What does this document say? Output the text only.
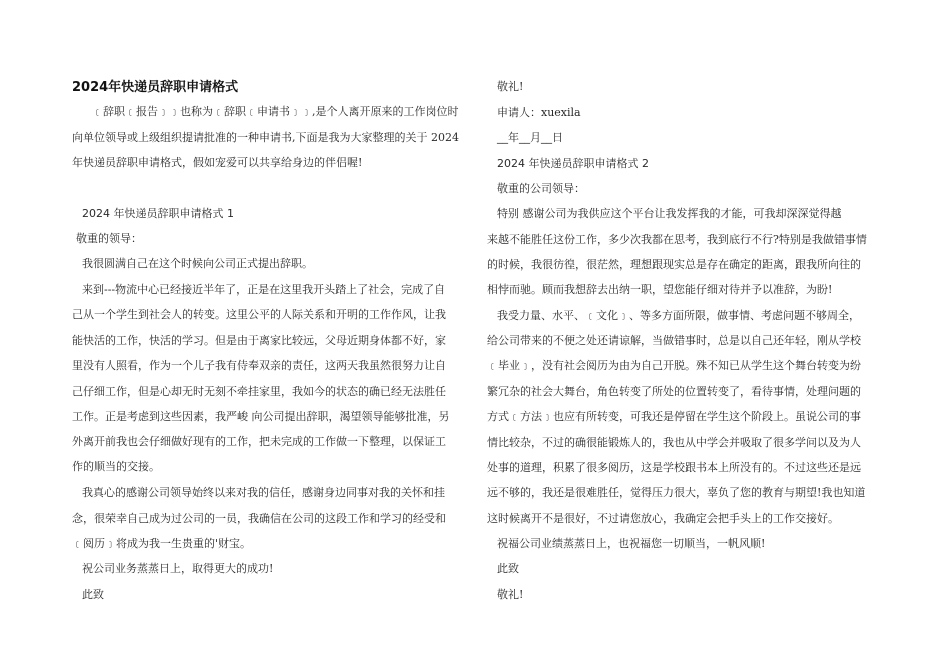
2024年快递员辞职申请格式
﹝辞职﹝报告﹞﹞也称为﹝辞职﹝申请书﹞﹞,是个人离开原来的工作岗位时
向单位领导或上级组织提请批准的一种申请书,下面是我为大家整理的关于 2024
年快递员辞职申请格式，假如宠爱可以共享给身边的伴侣喔!
2024 年快递员辞职申请格式 1
敬重的领导：
我很圆满自己在这个时候向公司正式提出辞职。
来到---物流中心已经接近半年了，正是在这里我开头踏上了社会，完成了自
己从一个学生到社会人的转变。这里公平的人际关系和开明的工作作风，让我
能快活的工作，快活的学习。但是由于离家比较远，父母近期身体都不好，家
里没有人照看，作为一个儿子我有侍奉双亲的责任，这两天我虽然很努力让自
己仔细工作，但是心却无时无刻不牵挂家里，我如今的状态的确已经无法胜任
工作。正是考虑到这些因素，我严峻 向公司提出辞职，渴望领导能够批准，另
外离开前我也会仔细做好现有的工作，把未完成的工作做一下整理，以保证工
作的顺当的交接。
我真心的感谢公司领导始终以来对我的信任，感谢身边同事对我的关怀和挂
念，很荣幸自己成为过公司的一员，我确信在公司的这段工作和学习的经受和
﹝阅历﹞将成为我一生贵重的'财宝。
祝公司业务蒸蒸日上，取得更大的成功!
此致
敬礼!
申请人：xuexila
__年__月__日
2024 年快递员辞职申请格式 2
敬重的公司领导：
特别 感谢公司为我供应这个平台让我发挥我的才能，可我却深深觉得越
来越不能胜任这份工作，多少次我都在思考，我到底行不行?特别是我做错事情
的时候，我很彷徨，很茫然，理想跟现实总是存在确定的距离，跟我所向往的
相悖而驰。顾而我想辞去出纳一职，望您能仔细对待并予以准辞，为盼!
我受力量、水平、﹝文化﹞、等多方面所限，做事情、考虑问题不够周全，
给公司带来的不便之处还请谅解，当做错事时，总是以自己还年轻，刚从学校
﹝毕业﹞，没有社会阅历为由为自己开脱。殊不知已从学生这个舞台转变为纷
繁冗杂的社会大舞台，角色转变了所处的位置转变了，看待事情，处理问题的
方式﹝方法﹞也应有所转变，可我还是停留在学生这个阶段上。虽说公司的事
情比较杂，不过的确很能锻炼人的，我也从中学会并吸取了很多学问以及为人
处事的道理，积累了很多阅历，这是学校跟书本上所没有的。不过这些还是远
远不够的，我还是很难胜任，觉得压力很大，辜负了您的教育与期望!我也知道
这时候离开不是很好，不过请您放心，我确定会把手头上的工作交接好。
祝福公司业绩蒸蒸日上，也祝福您一切顺当，一帆风顺!
此致
敬礼!
